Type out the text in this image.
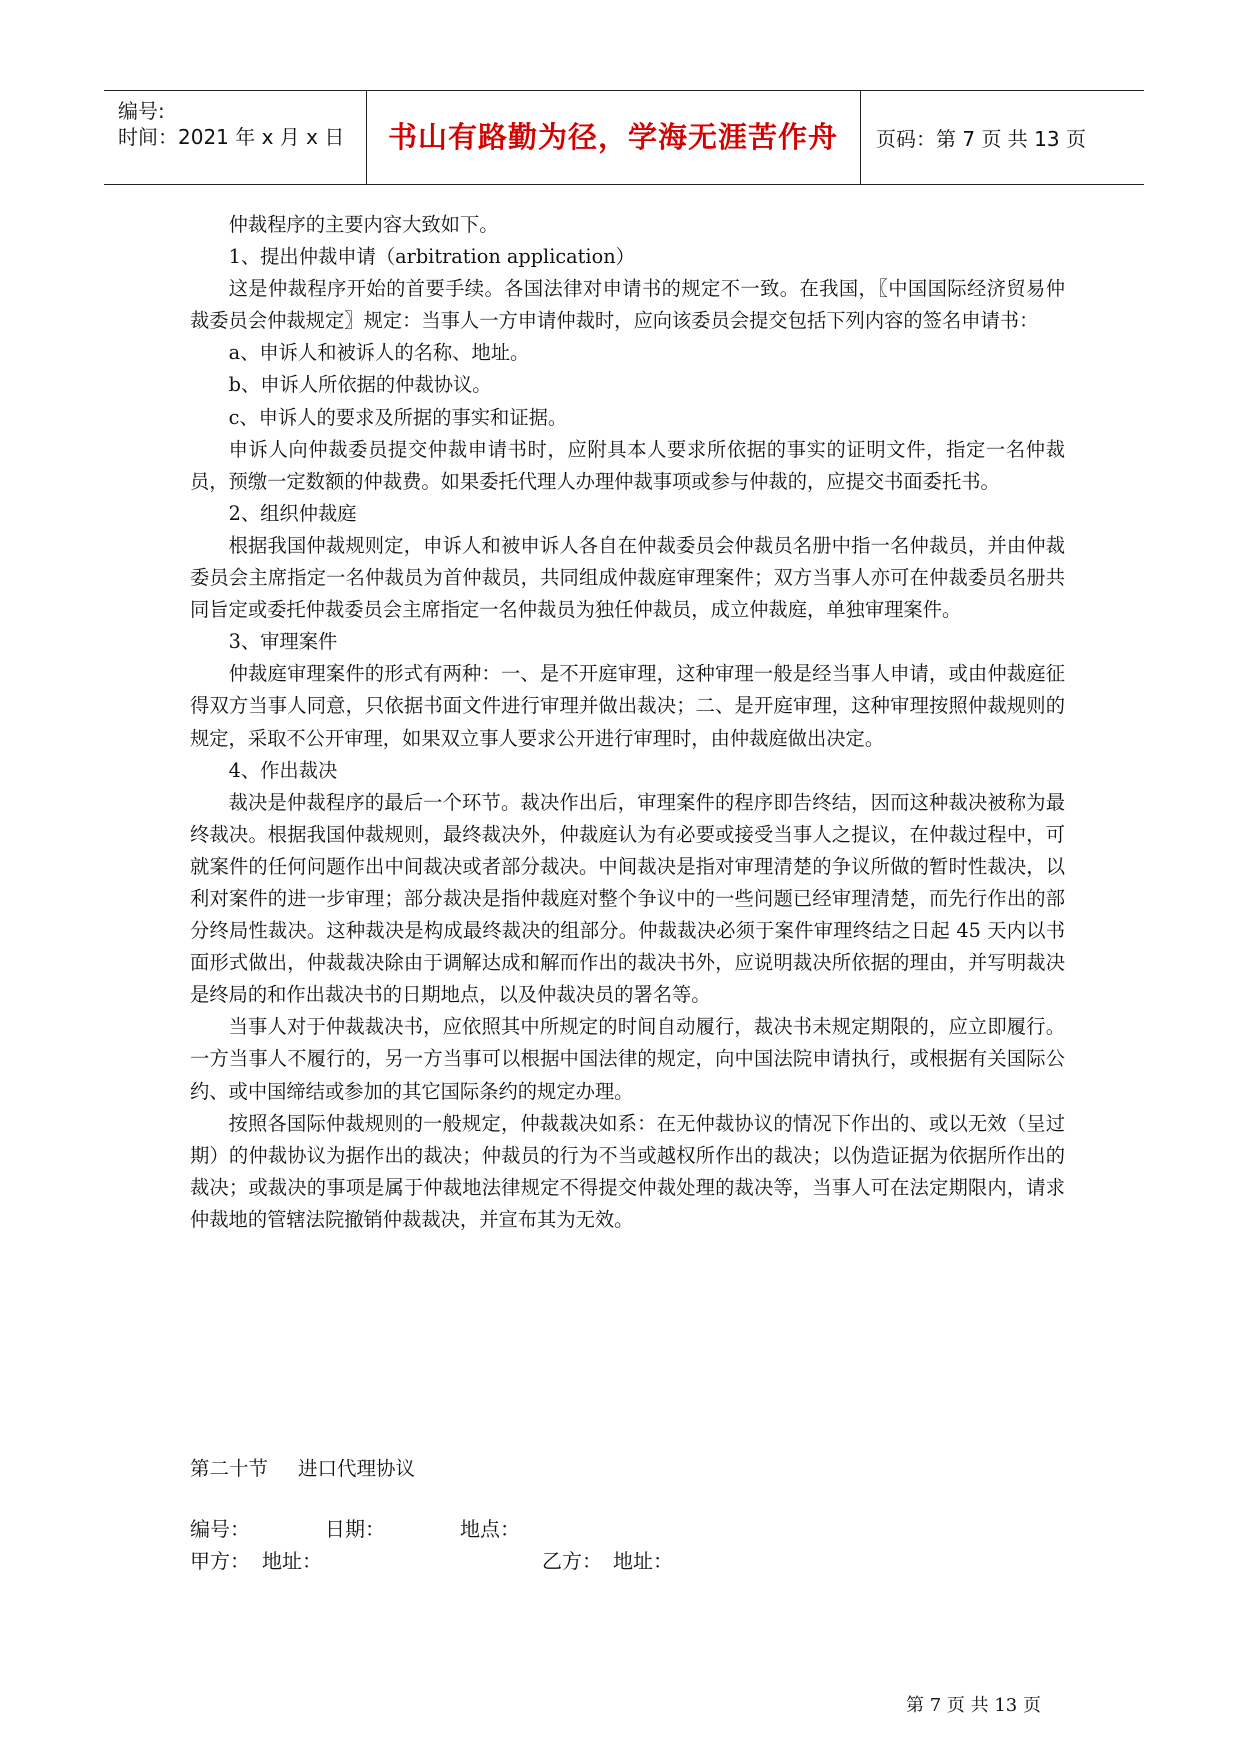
编号:
时间：2021 年 x 月 x 日	书山有路勤为径，学海无涯苦作舟	页码：第 7 页 共 13 页

仲裁程序的主要内容大致如下。

1、提出仲裁申请（arbitration application）

这是仲裁程序开始的首要手续。各国法律对申请书的规定不一致。在我国，〖中国国际经济贸易仲裁委员会仲裁规定〗规定：当事人一方申请仲裁时，应向该委员会提交包括下列内容的签名申请书：

a、申诉人和被诉人的名称、地址。

b、申诉人所依据的仲裁协议。

c、申诉人的要求及所据的事实和证据。

申诉人向仲裁委员提交仲裁申请书时，应附具本人要求所依据的事实的证明文件，指定一名仲裁员，预缴一定数额的仲裁费。如果委托代理人办理仲裁事项或参与仲裁的，应提交书面委托书。

2、组织仲裁庭

根据我国仲裁规则定，申诉人和被申诉人各自在仲裁委员会仲裁员名册中指一名仲裁员，并由仲裁委员会主席指定一名仲裁员为首仲裁员，共同组成仲裁庭审理案件；双方当事人亦可在仲裁委员名册共同旨定或委托仲裁委员会主席指定一名仲裁员为独任仲裁员，成立仲裁庭，单独审理案件。

3、审理案件

仲裁庭审理案件的形式有两种：一、是不开庭审理，这种审理一般是经当事人申请，或由仲裁庭征得双方当事人同意，只依据书面文件进行审理并做出裁决；二、是开庭审理，这种审理按照仲裁规则的规定，采取不公开审理，如果双立事人要求公开进行审理时，由仲裁庭做出决定。

4、作出裁决

裁决是仲裁程序的最后一个环节。裁决作出后，审理案件的程序即告终结，因而这种裁决被称为最终裁决。根据我国仲裁规则，最终裁决外，仲裁庭认为有必要或接受当事人之提议，在仲裁过程中，可就案件的任何问题作出中间裁决或者部分裁决。中间裁决是指对审理清楚的争议所做的暂时性裁决，以利对案件的进一步审理；部分裁决是指仲裁庭对整个争议中的一些问题已经审理清楚，而先行作出的部分终局性裁决。这种裁决是构成最终裁决的组部分。仲裁裁决必须于案件审理终结之日起 45 天内以书面形式做出，仲裁裁决除由于调解达成和解而作出的裁决书外，应说明裁决所依据的理由，并写明裁决是终局的和作出裁决书的日期地点，以及仲裁决员的署名等。

当事人对于仲裁裁决书，应依照其中所规定的时间自动履行，裁决书未规定期限的，应立即履行。一方当事人不履行的，另一方当事可以根据中国法律的规定，向中国法院申请执行，或根据有关国际公约、或中国缔结或参加的其它国际条约的规定办理。

按照各国际仲裁规则的一般规定，仲裁裁决如系：在无仲裁协议的情况下作出的、或以无效（呈过期）的仲裁协议为据作出的裁决；仲裁员的行为不当或越权所作出的裁决；以伪造证据为依据所作出的裁决；或裁决的事项是属于仲裁地法律规定不得提交仲裁处理的裁决等，当事人可在法定期限内，请求仲裁地的管辖法院撤销仲裁裁决，并宣布其为无效。

第二十节 进口代理协议
编号：	日期：	地点：
甲方： 地址：	乙方： 地址：
第 7 页 共 13 页
